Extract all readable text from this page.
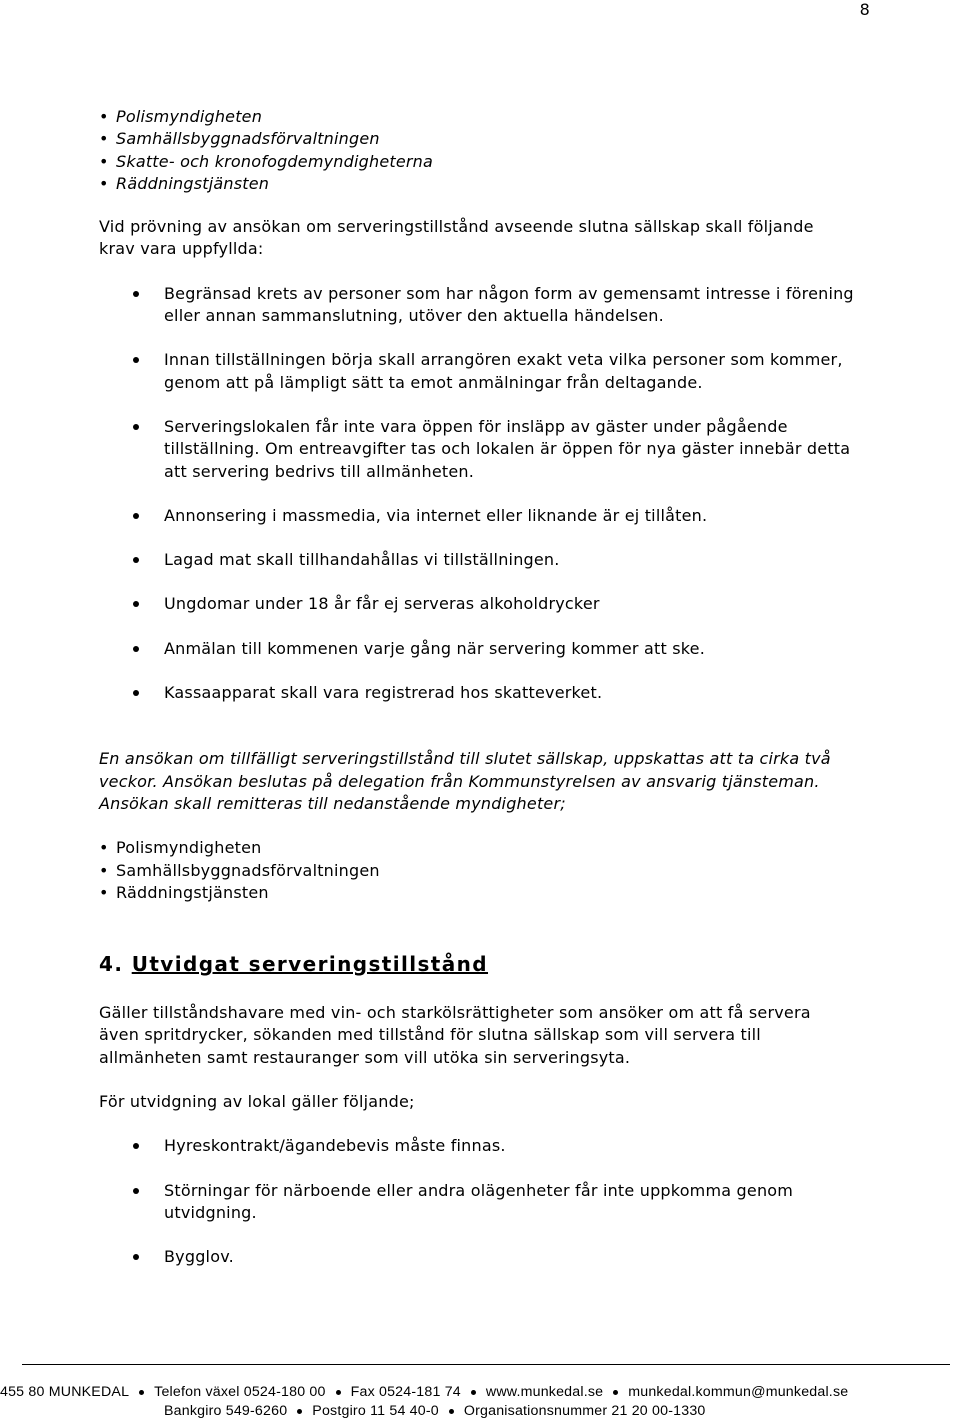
8
• Polismyndigheten
• Samhällsbyggnadsförvaltningen
• Skatte- och kronofogdemyndigheterna
• Räddningstjänsten

Vid prövning av ansökan om serveringstillstånd avseende slutna sällskap skall följande krav vara uppfyllda:

Begränsad krets av personer som har någon form av gemensamt intresse i förening eller annan sammanslutning, utöver den aktuella händelsen.
Innan tillställningen börja skall arrangören exakt veta vilka personer som kommer, genom att på lämpligt sätt ta emot anmälningar från deltagande.
Serveringslokalen får inte vara öppen för insläpp av gäster under pågående tillställning. Om entreavgifter tas och lokalen är öppen för nya gäster innebär detta att servering bedrivs till allmänheten.
Annonsering i massmedia, via internet eller liknande är ej tillåten.
Lagad mat skall tillhandahållas vi tillställningen.
Ungdomar under 18 år får ej serveras alkoholdrycker
Anmälan till kommenen varje gång när servering kommer att ske.
Kassaapparat skall vara registrerad hos skatteverket.

En ansökan om tillfälligt serveringstillstånd till slutet sällskap, uppskattas att ta cirka två veckor. Ansökan beslutas på delegation från Kommunstyrelsen av ansvarig tjänsteman. Ansökan skall remitteras till nedanstående myndigheter;

• Polismyndigheten
• Samhällsbyggnadsförvaltningen
• Räddningstjänsten
4. Utvidgat serveringstillstånd

Gäller tillståndshavare med vin- och starkölsrättigheter som ansöker om att få servera även spritdrycker, sökanden med tillstånd för slutna sällskap som vill servera till allmänheten samt restauranger som vill utöka sin serveringsyta.

För utvidgning av lokal gäller följande;

Hyreskontrakt/ägandebevis måste finnas.
Störningar för närboende eller andra olägenheter får inte uppkomma genom utvidgning.
Bygglov.
455 80 MUNKEDAL Telefon växel 0524-180 00 Fax 0524-181 74 www.munkedal.se munkedal.kommun@munkedal.se
Bankgiro 549-6260 Postgiro 11 54 40-0 Organisationsnummer 21 20 00-1330
